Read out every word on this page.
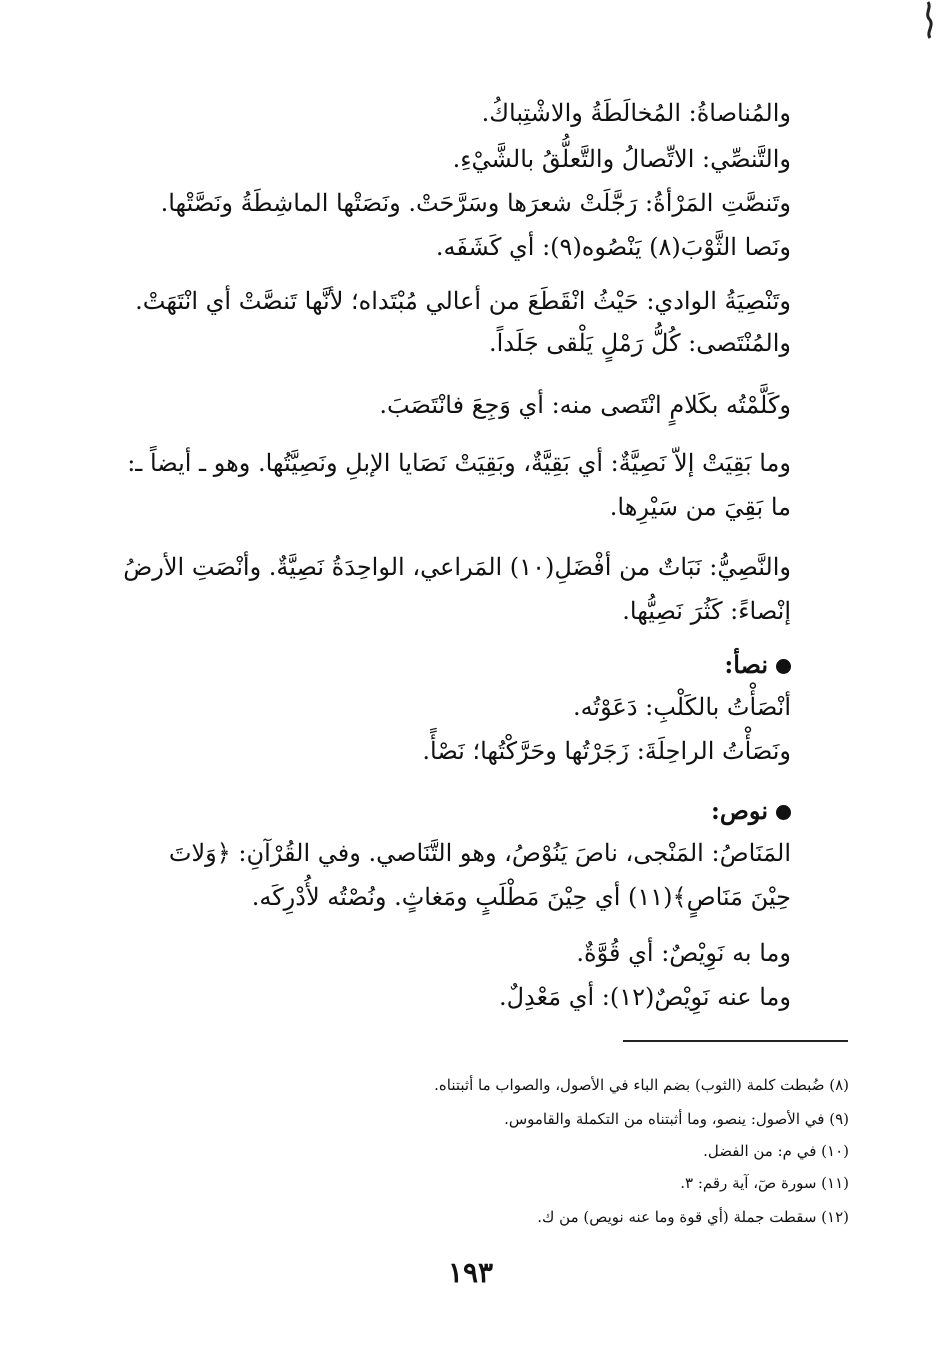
والمُناصاةُ: المُخالَطَةُ والاشْتِباكُ.
والتَّنصِّي: الاتِّصالُ والتَّعلُّقُ بالشَّيْءِ.
وتَنصَّتِ المَرْأةُ: رَجَّلَتْ شعرَها وسَرَّحَتْ. ونَصَتْها الماشِطَةُ ونَصَّتْها.
ونَصا الثَّوْبَ(٨) يَنْصُوه(٩): أي كَشَفَه.
وتَنْصِيَةُ الوادي: حَيْثُ انْقَطَعَ من أعالي مُبْتَداه؛ لأنَّها تَنصَّتْ أي انْتَهَتْ.
والمُنْتَصى: كُلُّ رَمْلٍ يَلْقى جَلَداً.
وكَلَّمْتُه بكَلامٍ انْتَصى منه: أي وَجِعَ فانْتَصَبَ.
وما بَقِيَتْ إلاّ نَصِيَّةٌ: أي بَقِيَّةٌ، وبَقِيَتْ نَصَايا الإبلِ ونَصِيَّتُها. وهو ـ أيضاً ـ:
ما بَقِيَ من سَيْرِها.
والنَّصِيُّ: نَبَاتٌ من أفْضَلِ(١٠) المَراعي، الواحِدَةُ نَصِيَّةٌ. وأنْصَتِ الأرضُ
إنْصاءً: كَثُرَ نَصِيُّها.
نصأ:
أنْصَأْتُ بالكَلْبِ: دَعَوْتُه.
ونَصَأْتُ الراحِلَةَ: زَجَرْتُها وحَرَّكْتُها؛ نَصْأً.
نوص:
المَنَاصُ: المَنْجى، ناصَ يَنُوْصُ، وهو التَّنَاصي. وفي القُرْآنِ: ﴿وَلاتَ
حِيْنَ مَنَاصٍ﴾(١١) أي حِيْنَ مَطْلَبٍ ومَغاثٍ. ونُصْتُه لأُدْرِكَه.
وما به نَوِيْصٌ: أي قُوَّةٌ.
وما عنه نَوِيْصٌ(١٢): أي مَعْدِلٌ.
(٨) ضُبطت كلمة (الثوب) بضم الباء في الأصول، والصواب ما أثبتناه.
(٩) في الأصول: ينصو، وما أثبتناه من التكملة والقاموس.
(١٠) في م: من الفضل.
(١١) سورة صٓ، آية رقم: ٣.
(١٢) سقطت جملة (أي قوة وما عنه نويص) من ك.
١٩٣
